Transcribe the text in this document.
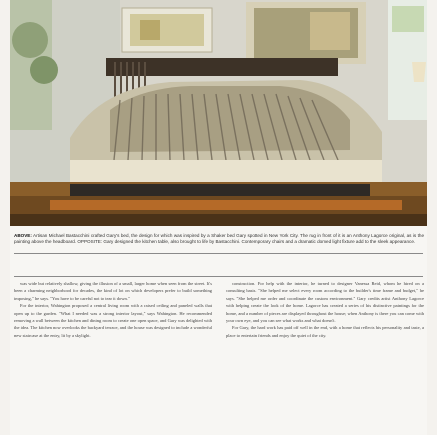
ABOVE: Artisan Michael Bastacchini crafted Gary's bed, the design for which was inspired by a Shaker bed Gary spotted in New York City. The rug in front of it is an Anthony Lagorce original, as is the painting above the headboard. OPPOSITE: Gary designed the kitchen table, also brought to life by Bastacchini. Contemporary chairs and a dramatic domed light fixture add to the sleek appearance.

was wide but relatively shallow, giving the illusion of a small, larger home when seen from the street. It's been a charming neighborhood for decades, the kind of lot on which developers prefer to build something imposing," he says. "You have to be careful not to tear it down."

For the interior, Wahington proposed a central living room with a raised ceiling and paneled walls that open up to the garden. "What I needed was a strong interior layout," says Wahington. He recommended removing a wall between the kitchen and dining room to create one open space, and Gary was delighted with the idea. The kitchen now overlooks the backyard terrace, and the house was designed to include a wonderful new staircase at the entry, lit by a skylight.

construction. For help with the interior, he turned to designer Vanessa Reid, whom he hired on a consulting basis. "She helped me select every room according to the builder's time frame and budget," he says. "She helped me order and coordinate the custom environment." Gary credits artist Anthony Lagorce with helping create the look of the home. Lagorce has created a series of his distinctive paintings for the home, and a number of pieces are displayed throughout the house; when Anthony is there you can come with your own eye, and you can see what works and what doesn't.

For Gary, the hard work has paid off well in the end, with a home that reflects his personality and taste, a place to entertain friends and enjoy the quiet of the city.
